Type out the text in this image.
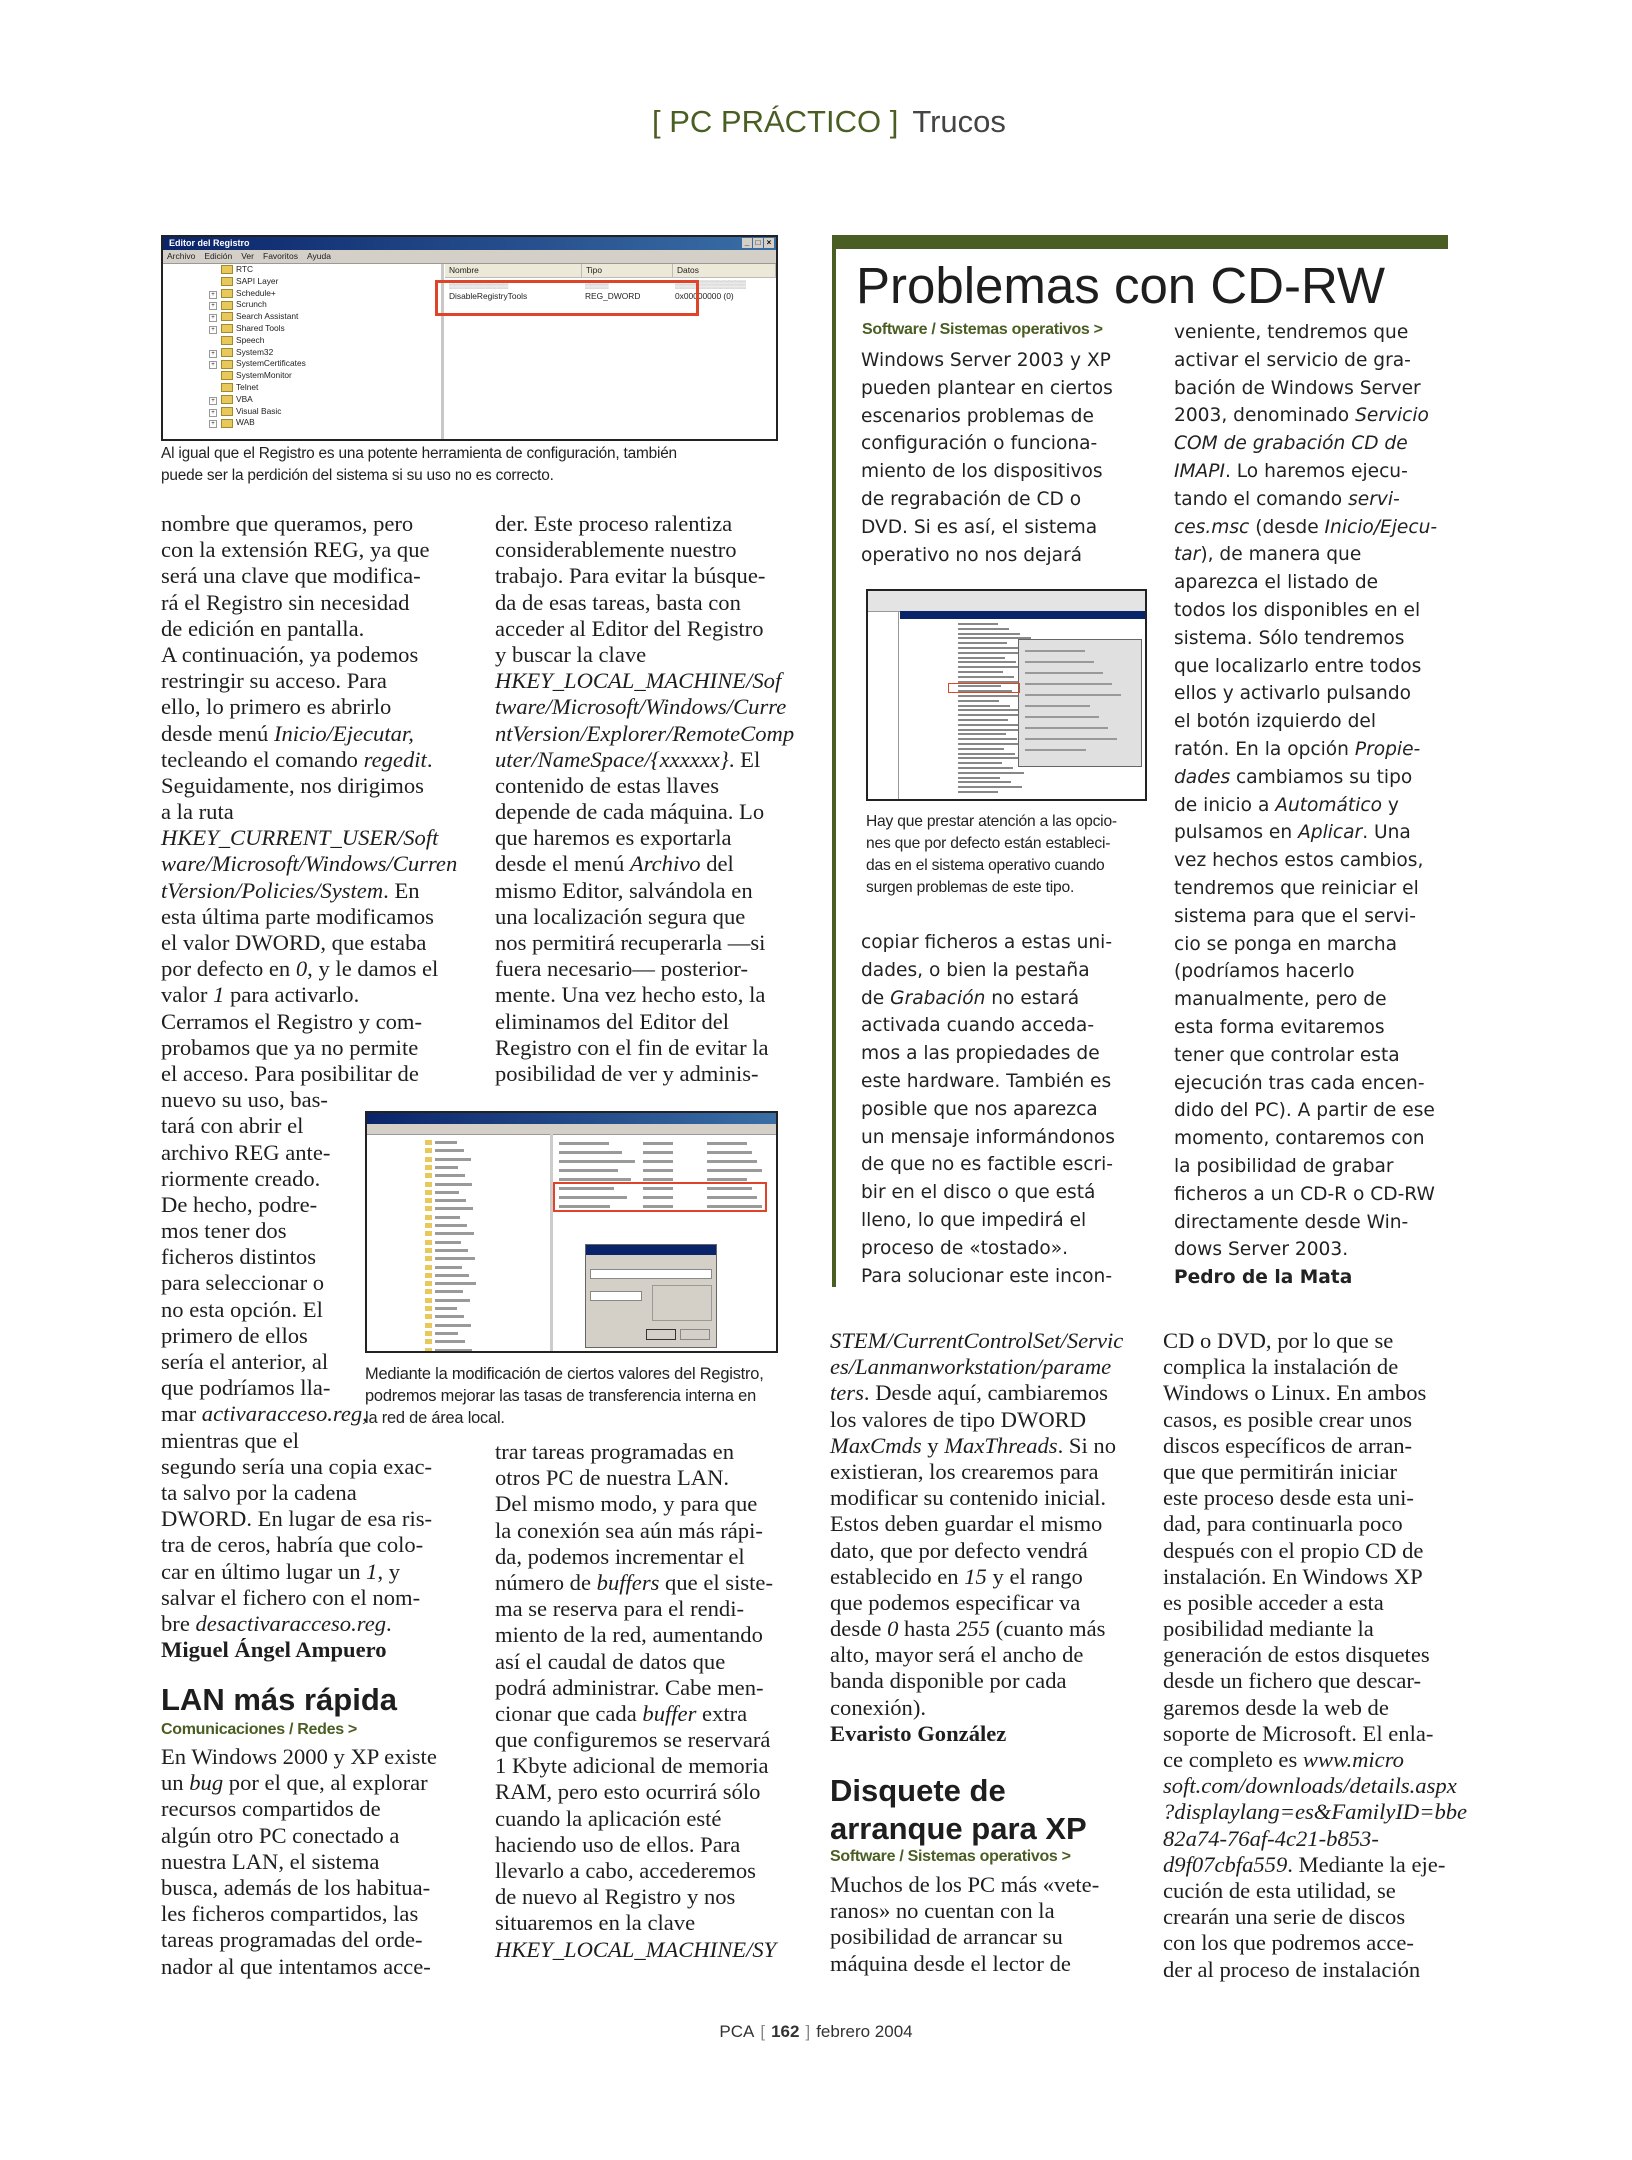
[ PC PRÁCTICO ] Trucos
Editor del Registro	_ □ ×
Archivo Edición Ver Favoritos Ayuda
RTC
SAPI Layer
+	Schedule+
+	Scrunch
+	Search Assistant
+	Shared Tools
Speech
+	System32
+	SystemCertificates
SystemMonitor
Telnet
+	VBA
+	Visual Basic
+	WAB
Nombre	Tipo	Datos
▒▒▒▒▒▒▒▒▒▒	▒▒▒▒	▒▒▒▒▒▒▒▒▒▒▒▒
DisableRegistryTools	REG_DWORD	0x00000000 (0)
Al igual que el Registro es una potente herramienta de configuración, también
puede ser la perdición del sistema si su uso no es correcto.
nombre que queramos, pero
con la extensión REG, ya que
será una clave que modifica-
rá el Registro sin necesidad
de edición en pantalla.
A continuación, ya podemos
restringir su acceso. Para
ello, lo primero es abrirlo
desde menú Inicio/Ejecutar,
tecleando el comando regedit.
Seguidamente, nos dirigimos
a la ruta
HKEY_CURRENT_USER/Soft
ware/Microsoft/Windows/Curren
tVersion/Policies/System. En
esta última parte modificamos
el valor DWORD, que estaba
por defecto en 0, y le damos el
valor 1 para activarlo.
Cerramos el Registro y com-
probamos que ya no permite
el acceso. Para posibilitar de
nuevo su uso, bas-
tará con abrir el
archivo REG ante-
riormente creado.
De hecho, podre-
mos tener dos
ficheros distintos
para seleccionar o
no esta opción. El
primero de ellos
sería el anterior, al
que podríamos lla-
mar activaracceso.reg,
mientras que el
segundo sería una copia exac-
ta salvo por la cadena
DWORD. En lugar de esa ris-
tra de ceros, habría que colo-
car en último lugar un 1, y
salvar el fichero con el nom-
bre desactivaracceso.reg.
Miguel Ángel Ampuero
der. Este proceso ralentiza
considerablemente nuestro
trabajo. Para evitar la búsque-
da de esas tareas, basta con
acceder al Editor del Registro
y buscar la clave
HKEY_LOCAL_MACHINE/Sof
tware/Microsoft/Windows/Curre
ntVersion/Explorer/RemoteComp
uter/NameSpace/{xxxxxx}. El
contenido de estas llaves
depende de cada máquina. Lo
que haremos es exportarla
desde el menú Archivo del
mismo Editor, salvándola en
una localización segura que
nos permitirá recuperarla —si
fuera necesario— posterior-
mente. Una vez hecho esto, la
eliminamos del Editor del
Registro con el fin de evitar la
posibilidad de ver y adminis-
Mediante la modificación de ciertos valores del Registro,
podremos mejorar las tasas de transferencia interna en
la red de área local.
trar tareas programadas en
otros PC de nuestra LAN.
Del mismo modo, y para que
la conexión sea aún más rápi-
da, podemos incrementar el
número de buffers que el siste-
ma se reserva para el rendi-
miento de la red, aumentando
así el caudal de datos que
podrá administrar. Cabe men-
cionar que cada buffer extra
que configuremos se reservará
1 Kbyte adicional de memoria
RAM, pero esto ocurrirá sólo
cuando la aplicación esté
haciendo uso de ellos. Para
llevarlo a cabo, accederemos
de nuevo al Registro y nos
situaremos en la clave
HKEY_LOCAL_MACHINE/SY
LAN más rápida
Comunicaciones / Redes >
En Windows 2000 y XP existe
un bug por el que, al explorar
recursos compartidos de
algún otro PC conectado a
nuestra LAN, el sistema
busca, además de los habitua-
les ficheros compartidos, las
tareas programadas del orde-
nador al que intentamos acce-
Problemas con CD-RW
Software / Sistemas operativos >
Windows Server 2003 y XP
pueden plantear en ciertos
escenarios problemas de
configuración o funciona-
miento de los dispositivos
de regrabación de CD o
DVD. Si es así, el sistema
operativo no nos dejará
Hay que prestar atención a las opcio-
nes que por defecto están estableci-
das en el sistema operativo cuando
surgen problemas de este tipo.
copiar ficheros a estas uni-
dades, o bien la pestaña
de Grabación no estará
activada cuando acceda-
mos a las propiedades de
este hardware. También es
posible que nos aparezca
un mensaje informándonos
de que no es factible escri-
bir en el disco o que está
lleno, lo que impedirá el
proceso de «tostado».
Para solucionar este incon-
veniente, tendremos que
activar el servicio de gra-
bación de Windows Server
2003, denominado Servicio
COM de grabación CD de
IMAPI. Lo haremos ejecu-
tando el comando servi-
ces.msc (desde Inicio/Ejecu-
tar), de manera que
aparezca el listado de
todos los disponibles en el
sistema. Sólo tendremos
que localizarlo entre todos
ellos y activarlo pulsando
el botón izquierdo del
ratón. En la opción Propie-
dades cambiamos su tipo
de inicio a Automático y
pulsamos en Aplicar. Una
vez hechos estos cambios,
tendremos que reiniciar el
sistema para que el servi-
cio se ponga en marcha
(podríamos hacerlo
manualmente, pero de
esta forma evitaremos
tener que controlar esta
ejecución tras cada encen-
dido del PC). A partir de ese
momento, contaremos con
la posibilidad de grabar
ficheros a un CD-R o CD-RW
directamente desde Win-
dows Server 2003.
Pedro de la Mata
STEM/CurrentControlSet/Servic
es/Lanmanworkstation/parame
ters. Desde aquí, cambiaremos
los valores de tipo DWORD
MaxCmds y MaxThreads. Si no
existieran, los crearemos para
modificar su contenido inicial.
Estos deben guardar el mismo
dato, que por defecto vendrá
establecido en 15 y el rango
que podemos especificar va
desde 0 hasta 255 (cuanto más
alto, mayor será el ancho de
banda disponible por cada
conexión).
Evaristo González
Disquete de
arranque para XP
Software / Sistemas operativos >
Muchos de los PC más «vete-
ranos» no cuentan con la
posibilidad de arrancar su
máquina desde el lector de
CD o DVD, por lo que se
complica la instalación de
Windows o Linux. En ambos
casos, es posible crear unos
discos específicos de arran-
que que permitirán iniciar
este proceso desde esta uni-
dad, para continuarla poco
después con el propio CD de
instalación. En Windows XP
es posible acceder a esta
posibilidad mediante la
generación de estos disquetes
desde un fichero que descar-
garemos desde la web de
soporte de Microsoft. El enla-
ce completo es www.micro
soft.com/downloads/details.aspx
?displaylang=es&FamilyID=bbe
82a74-76af-4c21-b853-
d9f07cbfa559. Mediante la eje-
cución de esta utilidad, se
crearán una serie de discos
con los que podremos acce-
der al proceso de instalación
PCA [ 162 ] febrero 2004
